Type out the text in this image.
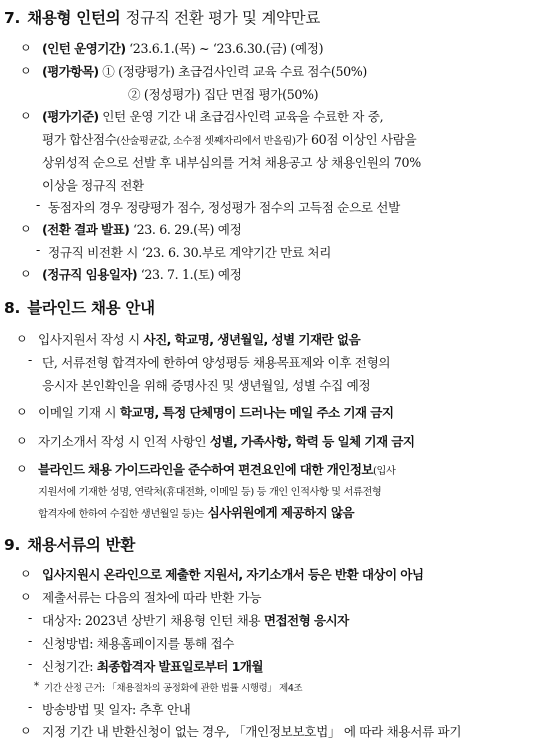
7. 채용형 인턴의 정규직 전환 평가 및 계약만료
ㅇ (인턴 운영기간) ‘23.6.1.(목) ~ ‘23.6.30.(금) (예정)
ㅇ (평가항목) ① (정량평가) 초급검사인력 교육 수료 점수(50%)
② (정성평가) 집단 면접 평가(50%)
ㅇ (평가기준) 인턴 운영 기간 내 초급검사인력 교육을 수료한 자 중,
평가 합산점수(산술평균값, 소수점 셋째자리에서 반올림)가 60점 이상인 사람을
상위성적 순으로 선발 후 내부심의를 거쳐 채용공고 상 채용인원의 70%
이상을 정규직 전환
- 동점자의 경우 정량평가 점수, 정성평가 점수의 고득점 순으로 선발
ㅇ (전환 결과 발표) ‘23. 6. 29.(목) 예정
- 정규직 비전환 시 ‘23. 6. 30.부로 계약기간 만료 처리
ㅇ (정규직 임용일자) ‘23. 7. 1.(토) 예정
8. 블라인드 채용 안내
ㅇ 입사지원서 작성 시 사진, 학교명, 생년월일, 성별 기재란 없음
- 단, 서류전형 합격자에 한하여 양성평등 채용목표제와 이후 전형의
응시자 본인확인을 위해 증명사진 및 생년월일, 성별 수집 예정
ㅇ 이메일 기재 시 학교명, 특정 단체명이 드러나는 메일 주소 기재 금지
ㅇ 자기소개서 작성 시 인적 사항인 성별, 가족사항, 학력 등 일체 기재 금지
ㅇ 블라인드 채용 가이드라인을 준수하여 편견요인에 대한 개인정보(입사
지원서에 기재한 성명, 연락처(휴대전화, 이메일 등) 등 개인 인적사항 및 서류전형
합격자에 한하여 수집한 생년월일 등)는 심사위원에게 제공하지 않음
9. 채용서류의 반환
ㅇ 입사지원시 온라인으로 제출한 지원서, 자기소개서 등은 반환 대상이 아님
ㅇ 제출서류는 다음의 절차에 따라 반환 가능
- 대상자: 2023년 상반기 채용형 인턴 채용 면접전형 응시자
- 신청방법: 채용홈페이지를 통해 접수
- 신청기간: 최종합격자 발표일로부터 1개월
* 기간 산정 근거: 「채용절차의 공정화에 관한 법률 시행령」 제4조
- 방송방법 및 일자: 추후 안내
ㅇ 지정 기간 내 반환신청이 없는 경우, 「개인정보보호법」 에 따라 채용서류 파기
